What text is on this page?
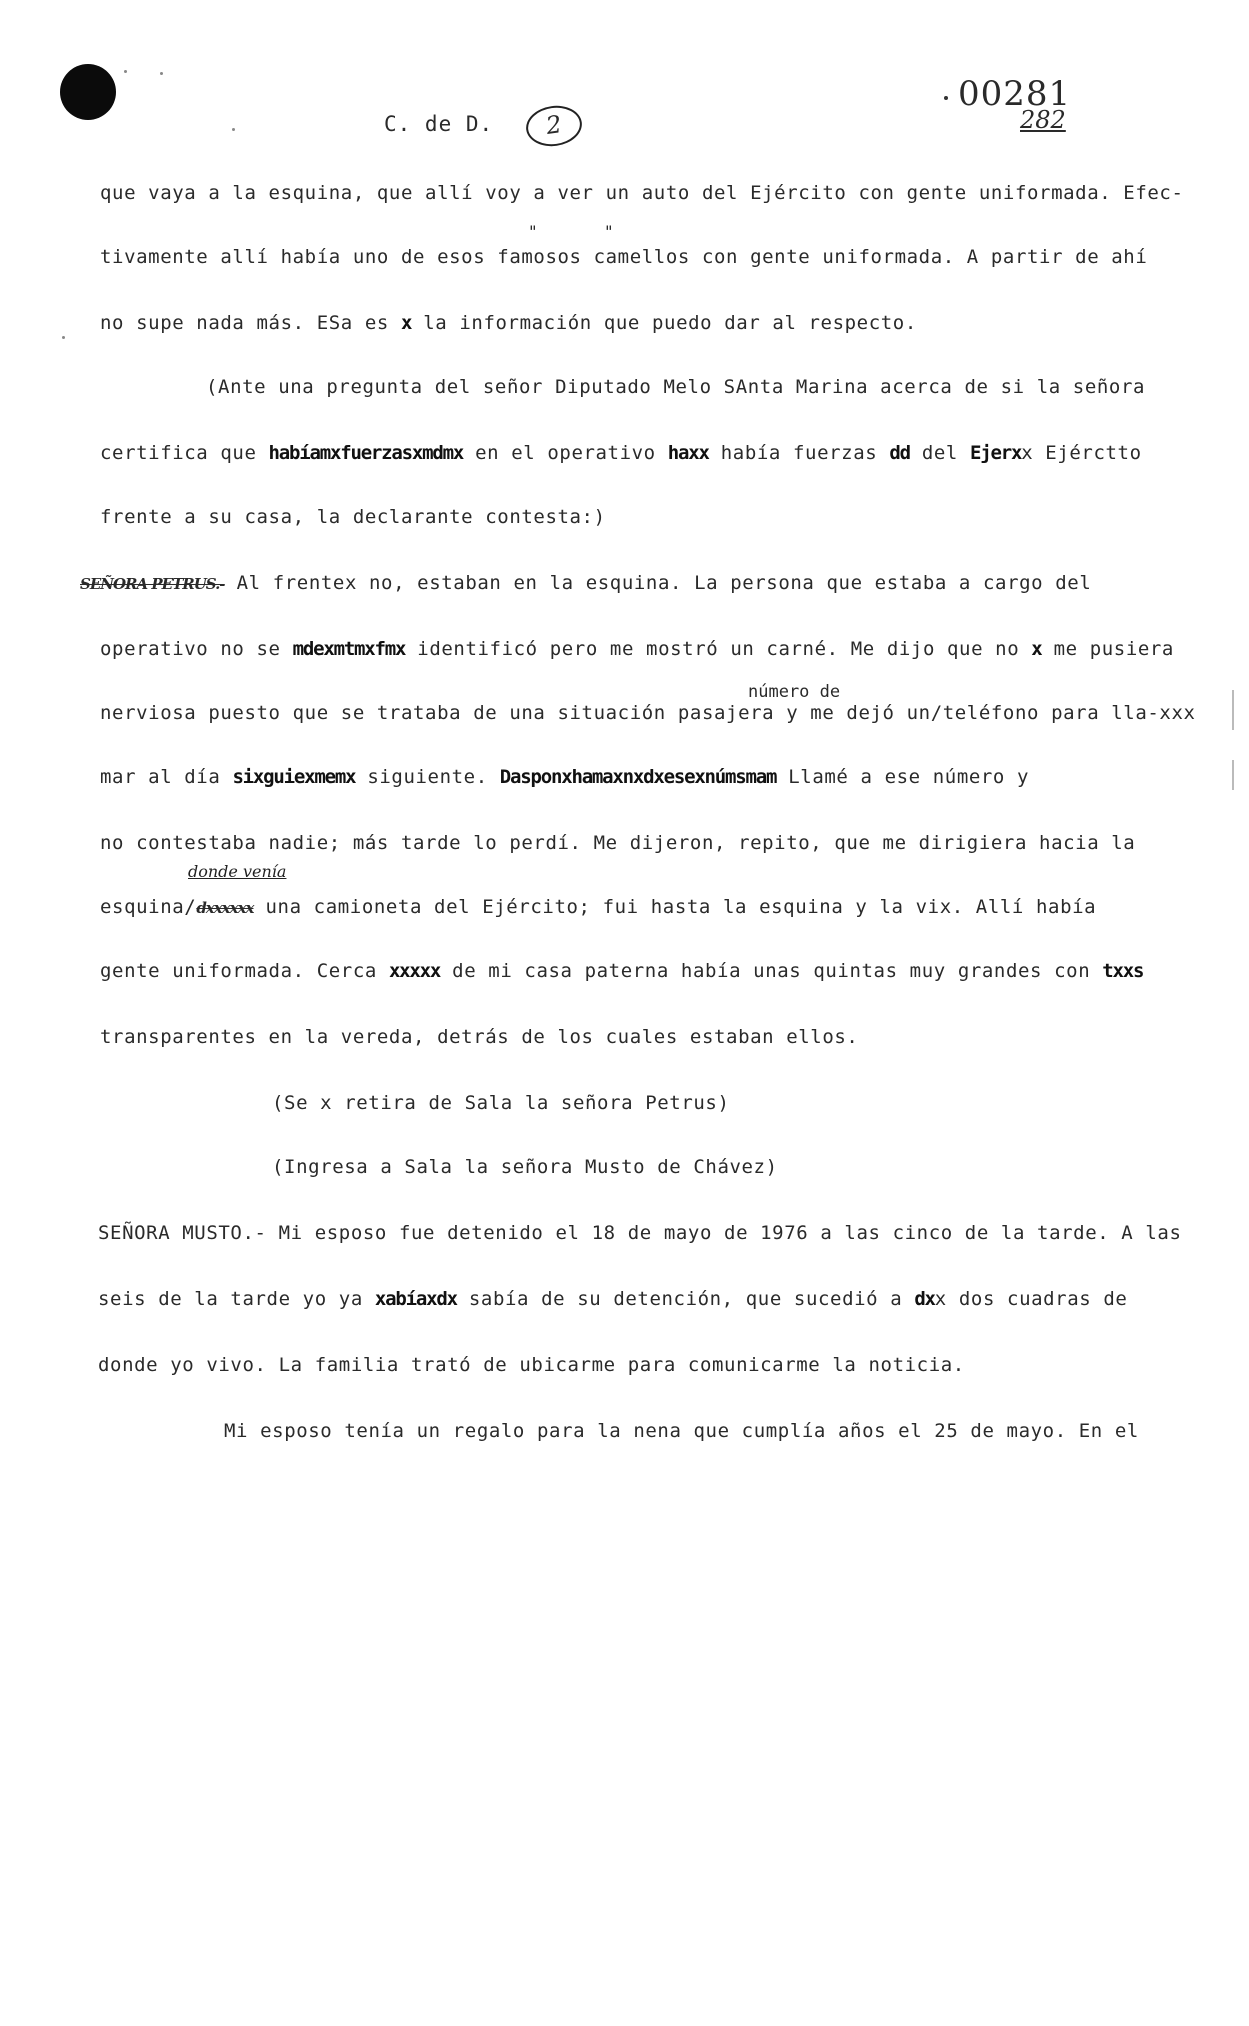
C. de D.	2
00281
282
que vaya a la esquina, que allí voy a ver un auto del Ejército con gente uniformada. Efec-
"	"
tivamente allí había uno de esos famosos camellos con gente uniformada. A partir de ahí
no supe nada más. ESa es x la información que puedo dar al respecto.
(Ante una pregunta del señor Diputado Melo SAnta Marina acerca de si la señora
certifica que habíamxfuerzasxmdmx en el operativo haxx había fuerzas dd del Ejerxx Ejérctto
frente a su casa, la declarante contesta:)
SEÑORA PETRUS.- Al frentex no, estaban en la esquina. La persona que estaba a cargo del
operativo no se mdexmtmxfmx identificó pero me mostró un carné. Me dijo que no x me pusiera
número de
nerviosa puesto que se trataba de una situación pasajera y me dejó un/teléfono para lla-xxx
mar al día sixguiexmemx siguiente. Dasponxhamaxnxdxesexnúmsmam Llamé a ese número y
no contestaba nadie; más tarde lo perdí. Me dijeron, repito, que me dirigiera hacia la
donde venía
esquina/dxxxxxx una camioneta del Ejército; fui hasta la esquina y la vix. Allí había
gente uniformada. Cerca xxxxx de mi casa paterna había unas quintas muy grandes con txxs
transparentes en la vereda, detrás de los cuales estaban ellos.
(Se x retira de Sala la señora Petrus)
(Ingresa a Sala la señora Musto de Chávez)
SEÑORA MUSTO.- Mi esposo fue detenido el 18 de mayo de 1976 a las cinco de la tarde. A las
seis de la tarde yo ya xabíaxdx sabía de su detención, que sucedió a dxx dos cuadras de
donde yo vivo. La familia trató de ubicarme para comunicarme la noticia.
Mi esposo tenía un regalo para la nena que cumplía años el 25 de mayo. En el
